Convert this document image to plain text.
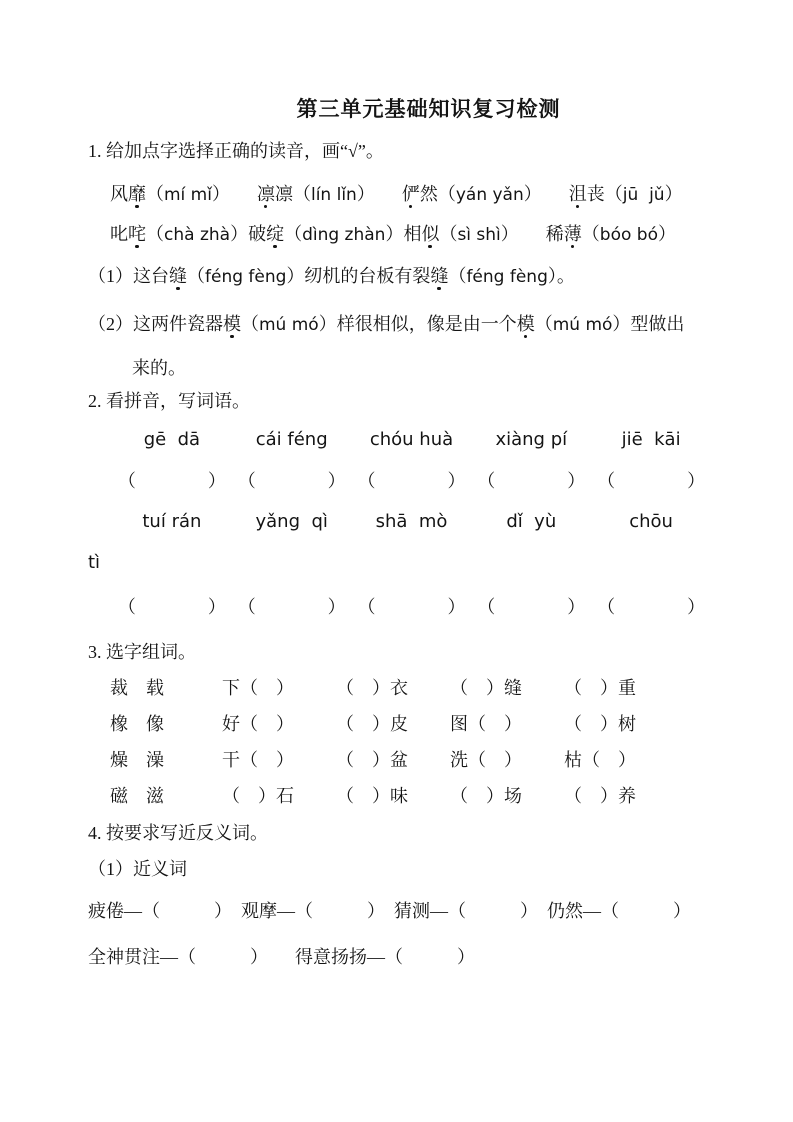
第三单元基础知识复习检测

1. 给加点字选择正确的读音，画“√”。

风靡（mí mǐ）　　凛凛（lín lǐn）　　俨然（yán yǎn）　　沮丧（jū  jǔ）

叱咤（chà zhà）破绽（dìng zhàn）相似（sì shì）　　稀薄（bóo bó）

（1）这台缝（féng fèng）纫机的台板有裂缝（féng fèng）。

（2）这两件瓷器模（mú mó）样很相似，像是由一个模（mú mó）型做出

来的。

2. 看拼音，写词语。

gē  dā	cái féng	chóu huà	xiàng pí	jiē  kāi

（　　　　） （　　　　） （　　　　） （　　　　） （　　　　）

tuí rán	yǎng  qì	shā  mò	dǐ  yù	chōu

tì

（　　　　） （　　　　） （　　　　） （　　　　） （　　　　）

3. 选字组词。

裁　载	下（　）	（　）衣	（　）缝	（　）重

橡　像	好（　）	（　）皮	图（　）	（　）树

燥　澡	干（　）	（　）盆	洗（　）	枯（　）

磁　滋	（　）石	（　）味	（　）场	（　）养

4. 按要求写近反义词。

（1）近义词

疲倦—（　　　）　观摩—（　　　）　猜测—（　　　）　仍然—（　　　）

全神贯注—（　　　）　　得意扬扬—（　　　）
